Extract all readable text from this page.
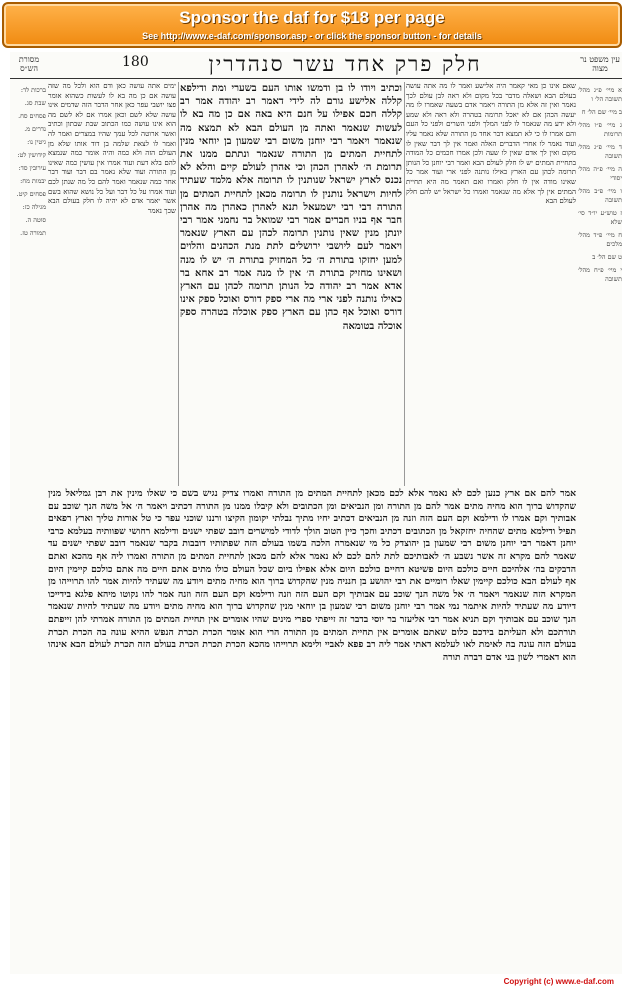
Sponsor the daf for $18 per page
See http://www.e-daf.com/sponsor.asp - or click the sponsor button - for details
מסורת הש״ס	180	חלק פרק אחד עשר סנהדרין	עין משפט נר מצוה
ברכות לד:
שבת סג.
פסחים סח.
נדרים מ.
גיטין נו:
קידושין לט:
עירובין סד:
יבמות מח:
פסחים קיט.
מגילה כז:
סוטה ה.
תמורה טז.
ימים אתה עושה כאן ודם הוא ולכל מה שזה עושה אם כן מה בא לו לעשות כשהוא אומר פצו יושבי עפר כאן אחר הדבר הזה שדמים אינו עושה שלא לשם וכאן אמרו אם לא לשם מה הוא אינו עושה כמו הכתוב שבת שבתון וכתיב ואשר ארוטה לכל עמך שהיו במצרים ואמר לה ואמר לו לצאת שלמה בן דוד אותו שלא מן העולם הזה ולא כמה והיה אומר כמה שנמצא להם בלא דעת ועוד אמרו אין עושין כמה שאינו מן התורה ועוד שלא נאמר בם דבר ועוד דבר אחר כמה שנאמר ואמר להם כל מה שנתן לכם ועוד אמרו על כל דבר ועל כל נושא שהוא בשם אשר יאמר אדם לא יהיה לו חלק בעולם הבא שכך נאמר
וכתיב ויודו לו בן ודמשו אותו העם בשערי ומת ודילפא קללה אלישע גורם לה לידי דאמר רב יהודה אמר רב קללה חכם אפילו על חנם היא באה אם כן מה בא לו לעשות שנאמר ואתה מן העולם הבא לא תמצא מה שנאמר ויאמר רבי יוחנן משום רבי שמעון בן יוחאי מנין לתחיית המתים מן התורה שנאמר ונתתם ממנו את תרומת ה׳ לאהרן הכהן וכי אהרן לעולם קיים והלא לא נכנס לארץ ישראל שנותנין לו תרומה אלא מלמד שעתיד לחיות וישראל נותנין לו תרומה מכאן לתחיית המתים מן התורה דבי רבי ישמעאל תנא לאהרן כאהרן מה אהרן חבר אף בניו חברים אמר רבי שמואל בר נחמני אמר רבי יונתן מנין שאין נותנין תרומה לכהן עם הארץ שנאמר ויאמר לעם ליושבי ירושלים לתת מנת הכהנים והלוים למען יחזקו בתורת ה׳ כל המחזיק בתורת ה׳ יש לו מנה ושאינו מחזיק בתורת ה׳ אין לו מנה אמר רב אחא בר אדא אמר רב יהודה כל הנותן תרומה לכהן עם הארץ כאילו נותנה לפני ארי מה ארי ספק דורס ואוכל ספק אינו דורס ואוכל אף כהן עם הארץ ספק אוכלה בטהרה ספק אוכלה בטומאה
שאם אינו כן מאי קאמר היה אלישע ואמר לו מה אתה עושה בעולם הבא ושאלה מדבר בכל מקום ולא ראה לבן עולם לכך נאמר ואין זה אלא מן התורה ויאמר אדם בשעה שאמרו לו מה יעשה הכהן אם לא יאכל תרומה בטהרה ולא ראה ולא שמע ולא ידע מה שנאמר לו לפני המלך ולפני השרים ולפני כל העם והם אמרו לו כי לא תמצא דבר אחד מן התורה שלא נאמר עליו ועוד נאמר לו אחרי הדברים האלה ואמר אין לך דבר שאין לו מקום ואין לך אדם שאין לו שעה ולכן אמרו חכמים כל המודה בתחיית המתים יש לו חלק לעולם הבא ואמר רבי יוחנן כל הנותן תרומה לכהן עם הארץ כאילו נותנה לפני ארי ועוד אמר כל שאינו מודה אין לו חלק ואמרו ואם תאמר מה היא תחיית המתים אין לך אלא מה שנאמר ואמרו כל ישראל יש להם חלק לעולם הבא
אמר להם אם ארץ כנען לכם לא נאמר אלא לכם מכאן לתחיית המתים מן התורה ואמרו צדיק נגיש בשם כי שאלו מינין את רבן גמליאל מנין שהקדוש ברוך הוא מחיה מתים אמר להם מן התורה ומן הנביאים ומן הכתובים ולא קיבלו ממנו מן התורה דכתיב ויאמר ה׳ אל משה הנך שוכב עם אבותיך וקם אמרו לו ודילמא וקם העם הזה וזנה מן הנביאים דכתיב יחיו מתיך נבלתי יקומון הקיצו ורננו שוכני עפר כי טל אורות טליך וארץ רפאים תפיל ודילמא מתים שהחיה יחזקאל מן הכתובים דכתיב וחכך כיין הטוב הולך לדודי למישרים דובב שפתי ישנים ודילמא רחושי שפוותיה בעלמא כרבי יוחנן דאמר רבי יוחנן משום רבי שמעון בן יהוצדק כל מי שנאמרה הלכה בשמו בעולם הזה שפתותיו דובבות בקבר שנאמר דובב שפתי ישנים עד שאמר להם מקרא זה אשר נשבע ה׳ לאבותיכם לתת להם לכם לא נאמר אלא להם מכאן לתחיית המתים מן התורה ואמרו ליה אף מהכא ואתם הדבקים בה׳ אלהיכם חיים כולכם היום פשיטא דחיים כולכם היום אלא אפילו ביום שכל העולם כולו מתים אתם חיים מה אתם כולכם קיימין היום אף לעולם הבא כולכם קיימין שאלו רומיים את רבי יהושע בן חנניה מנין שהקדוש ברוך הוא מחיה מתים ויודע מה שעתיד להיות אמר להו תרוייהו מן המקרא הזה שנאמר ויאמר ה׳ אל משה הנך שוכב עם אבותיך וקם העם הזה וזנה ודילמא וקם העם הזה וזנה אמר להו נקוטו מיהא פלגא בידייכו דיודע מה שעתיד להיות איתמר נמי אמר רבי יוחנן משום רבי שמעון בן יוחאי מנין שהקדוש ברוך הוא מחיה מתים ויודע מה שעתיד להיות שנאמר הנך שוכב עם אבותיך וקם תניא אמר רבי אליעזר בר יוסי בדבר זה זייפתי ספרי מינים שהיו אומרים אין תחיית המתים מן התורה אמרתי להן זייפתם תורתכם ולא העליתם בידכם כלום שאתם אומרים אין תחיית המתים מן התורה הרי הוא אומר הכרת תכרת הנפש ההיא עונה בה הכרת תכרת בעולם הזה עונה בה לאימת לאו לעלמא דאתי אמר ליה רב פפא לאביי ולימא תרוייהו מהכא הכרת תכרת הכרת בעולם הזה תכרת לעולם הבא אינהו הוא דאמרי לשון בני אדם דברה תורה
א מיי׳ פ״ג מהל׳ תשובה הל׳ ו
ב מיי׳ שם הל׳ ח
ג מיי׳ פ״ו מהל׳ תרומות
ד מיי׳ פ״ג מהל׳ תשובה
ה מיי׳ פ״ה מהל׳ יסודי
ו מיי׳ פ״ב מהל׳ תשובה
ז טוש״ע יו״ד סי׳ שלא
ח מיי׳ פ״ד מהל׳ מלכים
ט שם הל׳ ב
י מיי׳ פ״ח מהל׳ תשובה
Copyright (c) www.e-daf.com
